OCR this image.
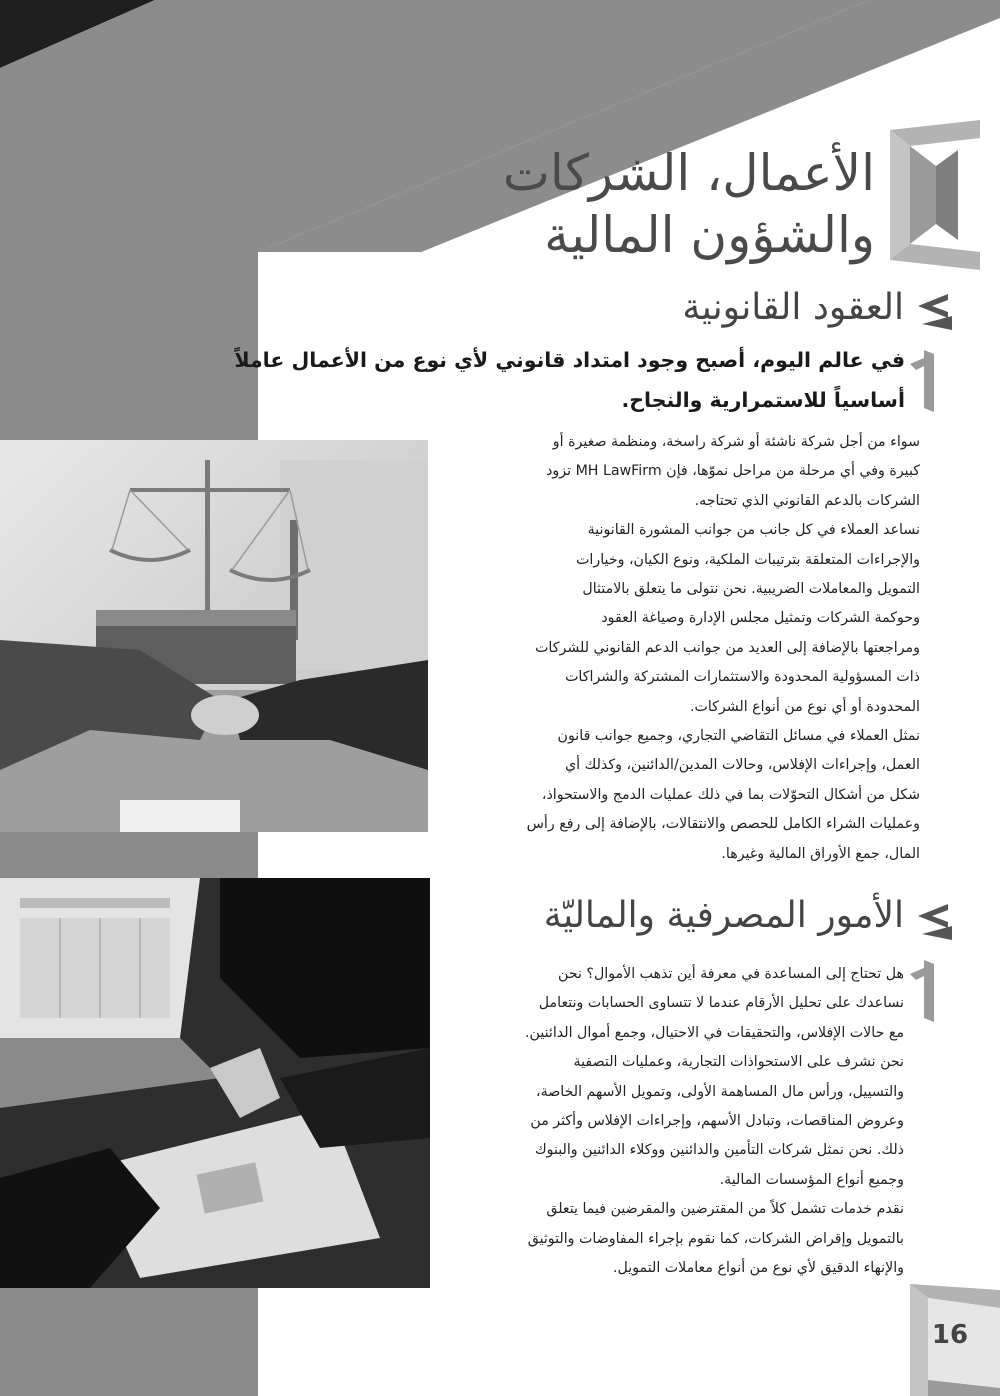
الأعمال، الشركات
والشؤون المالية
العقود القانونية

في عالم اليوم، أصبح وجود امتداد قانوني لأي نوع من الأعمال عاملاً

أساسياً للاستمرارية والنجاح.

سواء من أجل شركة ناشئة أو شركة راسخة، ومنظمة صغيرة أو

كبيرة وفي أي مرحلة من مراحل نموّها، فإن MH LawFirm تزود

الشركات بالدعم القانوني الذي تحتاجه.

نساعد العملاء في كل جانب من جوانب المشورة القانونية

والإجراءات المتعلقة بترتيبات الملكية، ونوع الكيان، وخيارات

التمويل والمعاملات الضريبية. نحن نتولى ما يتعلق بالامتثال

وحوكمة الشركات وتمثيل مجلس الإدارة وصياغة العقود

ومراجعتها بالإضافة إلى العديد من جوانب الدعم القانوني للشركات

ذات المسؤولية المحدودة والاستثمارات المشتركة والشراكات

المحدودة أو أي نوع من أنواع الشركات.

نمثل العملاء في مسائل التقاضي التجاري، وجميع جوانب قانون

العمل، وإجراءات الإفلاس، وحالات المدين/الدائنين، وكذلك أي

شكل من أشكال التحوّلات بما في ذلك عمليات الدمج والاستحواذ،

وعمليات الشراء الكامل للحصص والانتقالات، بالإضافة إلى رفع رأس

المال، جمع الأوراق المالية وغيرها.

الأمور المصرفية والماليّة

هل تحتاج إلى المساعدة في معرفة أين تذهب الأموال؟ نحن

نساعدك على تحليل الأرقام عندما لا تتساوى الحسابات ونتعامل

مع حالات الإفلاس، والتحقيقات في الاحتيال، وجمع أموال الدائنين.

نحن نشرف على الاستحواذات التجارية، وعمليات التصفية

والتسييل، ورأس مال المساهمة الأولى، وتمويل الأسهم الخاصة،

وعروض المناقصات، وتبادل الأسهم، وإجراءات الإفلاس وأكثر من

ذلك. نحن نمثل شركات التأمين والدائنين ووكلاء الدائنين والبنوك

وجميع أنواع المؤسسات المالية.

نقدم خدمات تشمل كلاً من المقترضين والمقرضين فيما يتعلق

بالتمويل وإقراض الشركات، كما نقوم بإجراء المفاوضات والتوثيق

والإنهاء الدقيق لأي نوع من أنواع معاملات التمويل.

16
